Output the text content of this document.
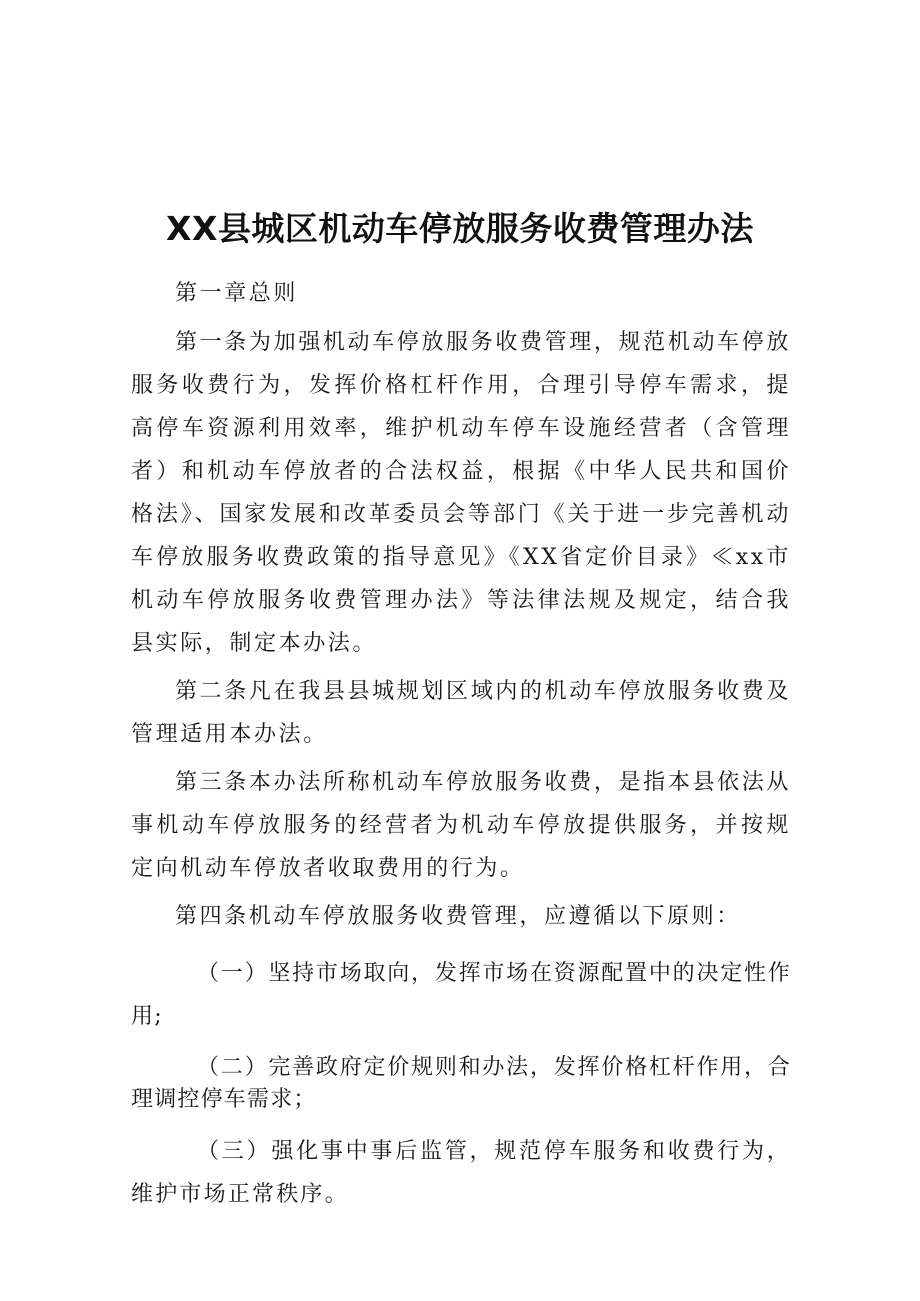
XX县城区机动车停放服务收费管理办法

第一章总则

第一条为加强机动车停放服务收费管理，规范机动车停放服务收费行为，发挥价格杠杆作用，合理引导停车需求，提高停车资源利用效率，维护机动车停车设施经营者（含管理者）和机动车停放者的合法权益，根据《中华人民共和国价格法》、国家发展和改革委员会等部门《关于进一步完善机动车停放服务收费政策的指导意见》《XX省定价目录》≪xx市机动车停放服务收费管理办法》等法律法规及规定，结合我县实际，制定本办法。

第二条凡在我县县城规划区域内的机动车停放服务收费及管理适用本办法。

第三条本办法所称机动车停放服务收费，是指本县依法从事机动车停放服务的经营者为机动车停放提供服务，并按规定向机动车停放者收取费用的行为。

第四条机动车停放服务收费管理，应遵循以下原则：

（一）坚持市场取向，发挥市场在资源配置中的决定性作用;

（二）完善政府定价规则和办法，发挥价格杠杆作用，合理调控停车需求；

（三）强化事中事后监管，规范停车服务和收费行为，维护市场正常秩序。
